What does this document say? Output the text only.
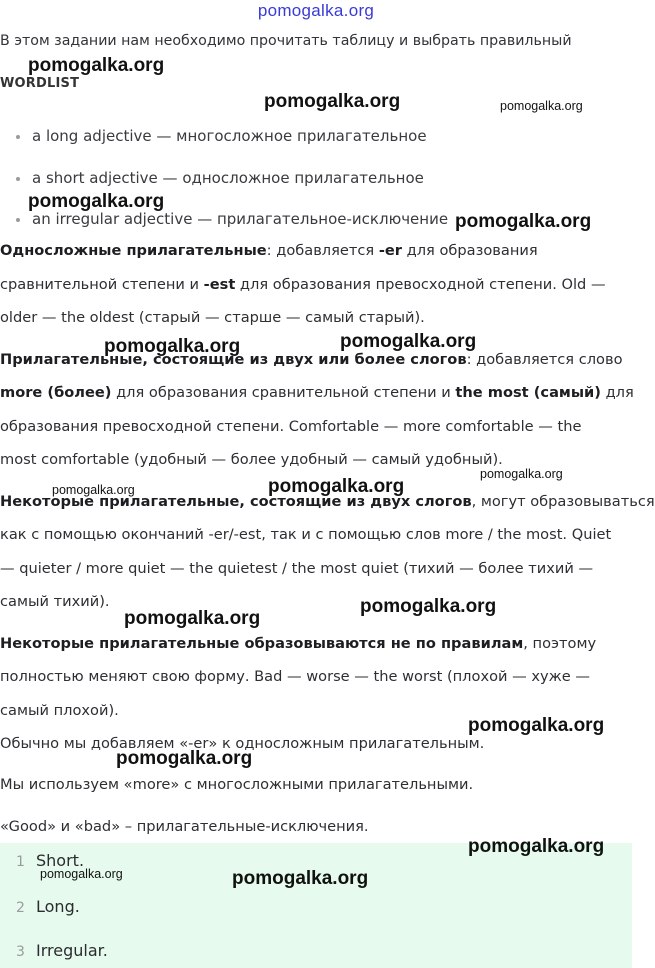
pomogalka.org
В этом задании нам необходимо прочитать таблицу и выбрать правильный
WORDLIST
a long adjective — многосложное прилагательное
a short adjective — односложное прилагательное
an irregular adjective — прилагательное-исключение
Односложные прилагательные: добавляется -er для образования
сравнительной степени и -est для образования превосходной степени. Old —
older — the oldest (старый — старше — самый старый).
Прилагательные, состоящие из двух или более слогов: добавляется слово
more (более) для образования сравнительной степени и the most (самый) для
образования превосходной степени. Comfortable — more comfortable — the
most comfortable (удобный — более удобный — самый удобный).
Некоторые прилагательные, состоящие из двух слогов, могут образовываться
как с помощью окончаний -er/-est, так и с помощью слов more / the most. Quiet
— quieter / more quiet — the quietest / the most quiet (тихий — более тихий —
самый тихий).
Некоторые прилагательные образовываются не по правилам, поэтому
полностью меняют свою форму. Bad — worse — the worst (плохой — хуже —
самый плохой).
Обычно мы добавляем «-er» к односложным прилагательным.
Мы используем «more» с многосложными прилагательными.
«Good» и «bad» – прилагательные-исключения.
1 Short.
2 Long.
3 Irregular.
pomogalka.org
pomogalka.org	pomogalka.org
pomogalka.org
pomogalka.org
pomogalka.org
pomogalka.org
pomogalka.org
pomogalka.org
pomogalka.org
pomogalka.org
pomogalka.org
pomogalka.org
pomogalka.org
pomogalka.org
pomogalka.org
pomogalka.org
